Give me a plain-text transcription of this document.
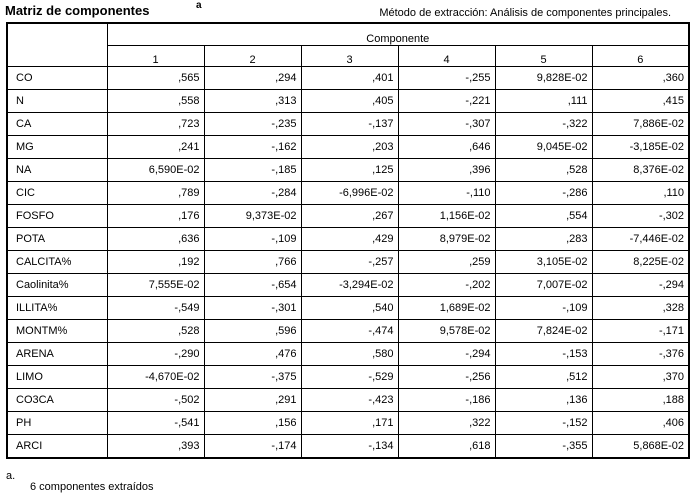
Matriz de componentes	a
Método de extracción: Análisis de componentes principales.
	Componente					
	1	2	3	4	5	6
CO	,565	,294	,401	-,255	9,828E-02	,360
N	,558	,313	,405	-,221	,111	,415
CA	,723	-,235	-,137	-,307	-,322	7,886E-02
MG	,241	-,162	,203	,646	9,045E-02	-3,185E-02
NA	6,590E-02	-,185	,125	,396	,528	8,376E-02
CIC	,789	-,284	-6,996E-02	-,110	-,286	,110
FOSFO	,176	9,373E-02	,267	1,156E-02	,554	-,302
POTA	,636	-,109	,429	8,979E-02	,283	-7,446E-02
CALCITA%	,192	,766	-,257	,259	3,105E-02	8,225E-02
Caolinita%	7,555E-02	-,654	-3,294E-02	-,202	7,007E-02	-,294
ILLITA%	-,549	-,301	,540	1,689E-02	-,109	,328
MONTM%	,528	,596	-,474	9,578E-02	7,824E-02	-,171
ARENA	-,290	,476	,580	-,294	-,153	-,376
LIMO	-4,670E-02	-,375	-,529	-,256	,512	,370
CO3CA	-,502	,291	-,423	-,186	,136	,188
PH	-,541	,156	,171	,322	-,152	,406
ARCI	,393	-,174	-,134	,618	-,355	5,868E-02
a.
6 componentes extraídos
